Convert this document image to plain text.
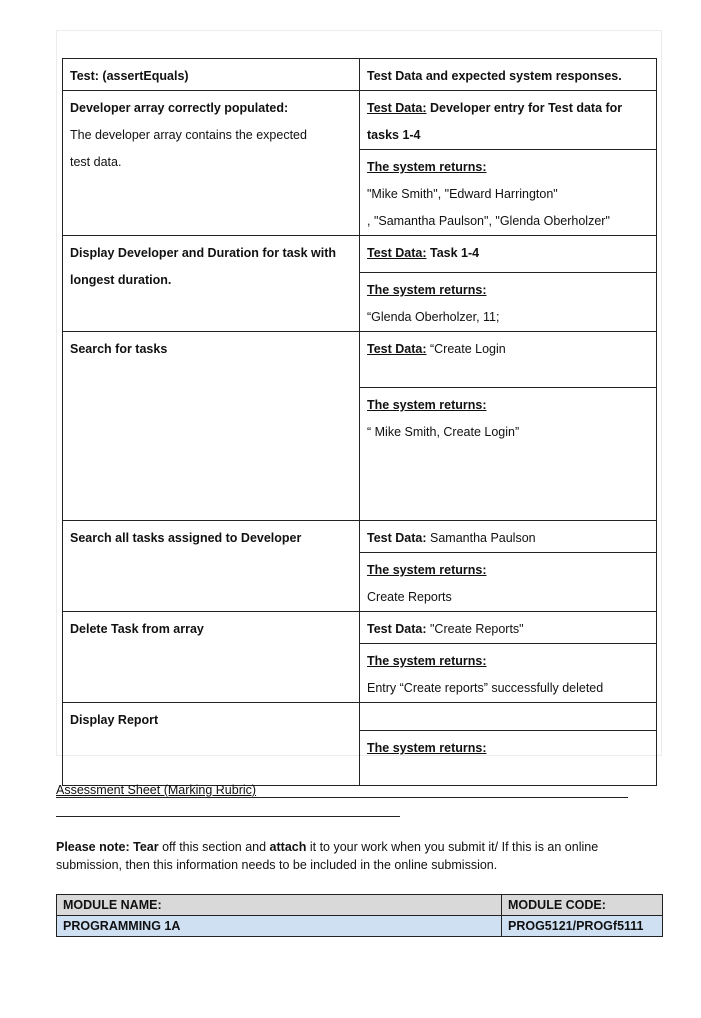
Test: (assertEquals)	Test Data and expected system responses.

Developer array correctly populated:
The developer array contains the expected
test data.	Test Data: Developer entry for Test data for
tasks 1-4

	The system returns:
"Mike Smith", "Edward Harrington"
, "Samantha Paulson", "Glenda Oberholzer"

Display Developer and Duration for task with
longest duration.	Test Data: Task 1-4

	The system returns:
“Glenda Oberholzer, 11;

Search for tasks	Test Data: “Create Login

	The system returns:
“ Mike Smith, Create Login”

Search all tasks assigned to Developer	Test Data: Samantha Paulson

	The system returns:
Create Reports

Delete Task from array	Test Data: "Create Reports"

	The system returns:
Entry “Create reports” successfully deleted

Display Report	

	The system returns:
Assessment Sheet (Marking Rubric)
Please note: Tear off this section and attach it to your work when you submit it/ If this is an online submission, then this information needs to be included in the online submission.
MODULE NAME:	MODULE CODE:
PROGRAMMING 1A	PROG5121/PROGf5111
